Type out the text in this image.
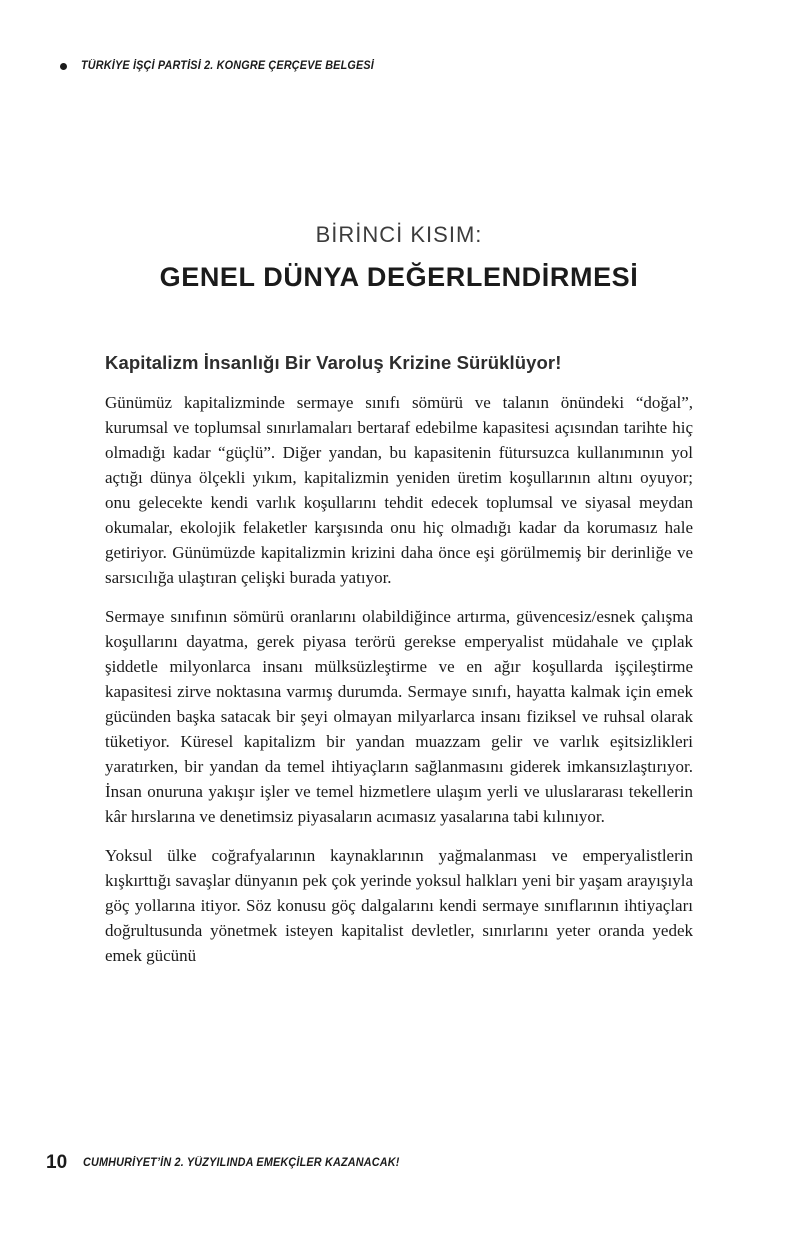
TÜRKİYE İŞÇİ PARTİSİ 2. KONGRE ÇERÇEVE BELGESİ
BİRİNCİ KISIM:
GENEL DÜNYA DEĞERLENDİRMESİ
Kapitalizm İnsanlığı Bir Varoluş Krizine Sürüklüyor!

Günümüz kapitalizminde sermaye sınıfı sömürü ve talanın önündeki “doğal”, kurumsal ve toplumsal sınırlamaları bertaraf edebilme kapasitesi açısından tarihte hiç olmadığı kadar “güçlü”. Diğer yandan, bu kapasitenin fütursuzca kullanımının yol açtığı dünya ölçekli yıkım, kapitalizmin yeniden üretim koşullarının altını oyuyor; onu gelecekte kendi varlık koşullarını tehdit edecek toplumsal ve siyasal meydan okumalar, ekolojik felaketler karşısında onu hiç olmadığı kadar da korumasız hale getiriyor. Günümüzde kapitalizmin krizini daha önce eşi görülmemiş bir derinliğe ve sarsıcılığa ulaştıran çelişki burada yatıyor.

Sermaye sınıfının sömürü oranlarını olabildiğince artırma, güvencesiz/esnek çalışma koşullarını dayatma, gerek piyasa terörü gerekse emperyalist müdahale ve çıplak şiddetle milyonlarca insanı mülksüzleştirme ve en ağır koşullarda işçileştirme kapasitesi zirve noktasına varmış durumda. Sermaye sınıfı, hayatta kalmak için emek gücünden başka satacak bir şeyi olmayan milyarlarca insanı fiziksel ve ruhsal olarak tüketiyor. Küresel kapitalizm bir yandan muazzam gelir ve varlık eşitsizlikleri yaratırken, bir yandan da temel ihtiyaçların sağlanmasını giderek imkansızlaştırıyor. İnsan onuruna yakışır işler ve temel hizmetlere ulaşım yerli ve uluslararası tekellerin kâr hırslarına ve denetimsiz piyasaların acımasız yasalarına tabi kılınıyor.

Yoksul ülke coğrafyalarının kaynaklarının yağmalanması ve emperyalistlerin kışkırttığı savaşlar dünyanın pek çok yerinde yoksul halkları yeni bir yaşam arayışıyla göç yollarına itiyor. Söz konusu göç dalgalarını kendi sermaye sınıflarının ihtiyaçları doğrultusunda yönetmek isteyen kapitalist devletler, sınırlarını yeter oranda yedek emek gücünü

10 CUMHURİYET’İN 2. YÜZYILINDA EMEKÇİLER KAZANACAK!
